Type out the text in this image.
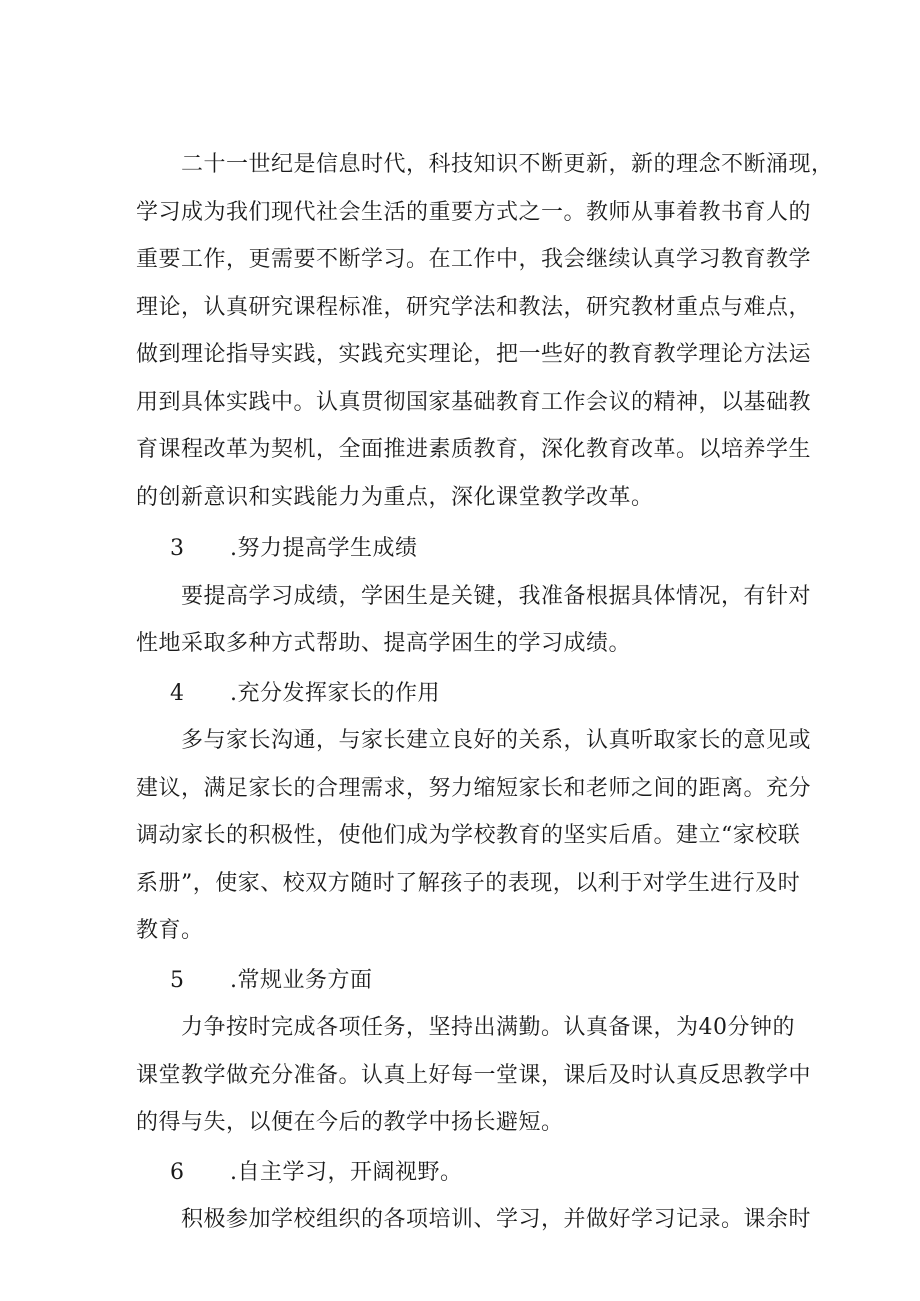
　　二十一世纪是信息时代，科技知识不断更新，新的理念不断涌现，
学习成为我们现代社会生活的重要方式之一。教师从事着教书育人的
重要工作，更需要不断学习。在工作中，我会继续认真学习教育教学
理论，认真研究课程标准，研究学法和教法，研究教材重点与难点，
做到理论指导实践，实践充实理论，把一些好的教育教学理论方法运
用到具体实践中。认真贯彻国家基础教育工作会议的精神，以基础教
育课程改革为契机，全面推进素质教育，深化教育改革。以培养学生
的创新意识和实践能力为重点，深化课堂教学改革。
3 .努力提高学生成绩
　　要提高学习成绩，学困生是关键，我准备根据具体情况，有针对
性地采取多种方式帮助、提高学困生的学习成绩。
4 .充分发挥家长的作用
　　多与家长沟通，与家长建立良好的关系，认真听取家长的意见或
建议，满足家长的合理需求，努力缩短家长和老师之间的距离。充分
调动家长的积极性，使他们成为学校教育的坚实后盾。建立“家校联
系册”，使家、校双方随时了解孩子的表现，以利于对学生进行及时
教育。
5 .常规业务方面
　　力争按时完成各项任务，坚持出满勤。认真备课，为40分钟的
课堂教学做充分准备。认真上好每一堂课，课后及时认真反思教学中
的得与失，以便在今后的教学中扬长避短。
6 .自主学习，开阔视野。
　　积极参加学校组织的各项培训、学习，并做好学习记录。课余时
